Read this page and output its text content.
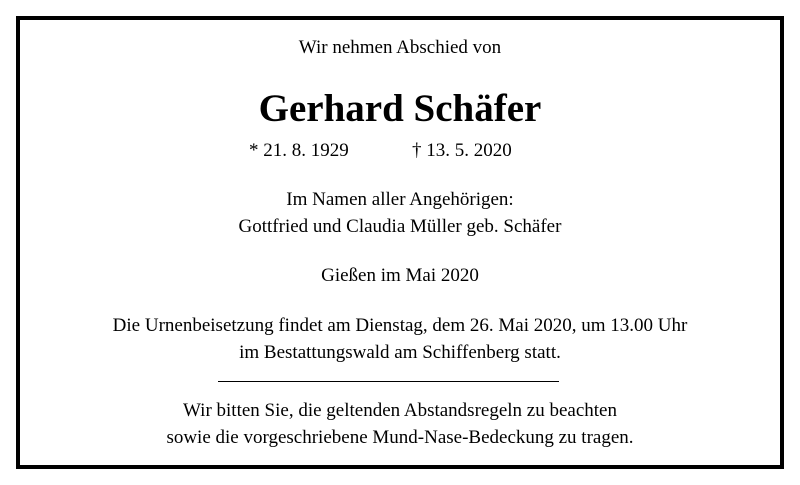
Wir nehmen Abschied von
Gerhard Schäfer
* 21. 8. 1929	† 13. 5. 2020
Im Namen aller Angehörigen:
Gottfried und Claudia Müller geb. Schäfer
Gießen im Mai 2020
Die Urnenbeisetzung findet am Dienstag, dem 26. Mai 2020, um 13.00 Uhr
im Bestattungswald am Schiffenberg statt.
Wir bitten Sie, die geltenden Abstandsregeln zu beachten
sowie die vorgeschriebene Mund-Nase-Bedeckung zu tragen.
